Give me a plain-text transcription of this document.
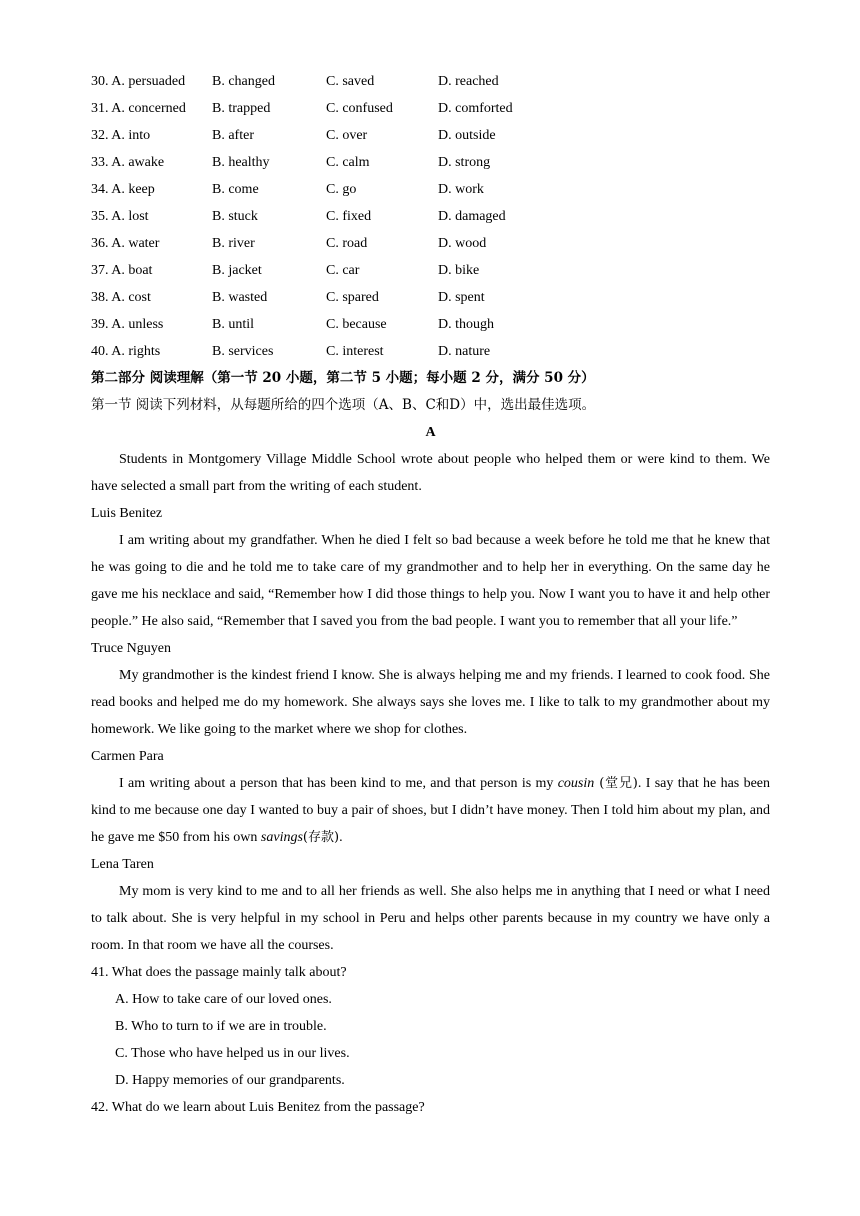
30. A. persuaded	B. changed	C. saved	D. reached
31. A. concerned	B. trapped	C. confused	D. comforted
32. A. into	B. after	C. over	D. outside
33. A. awake	B. healthy	C. calm	D. strong
34. A. keep	B. come	C. go	D. work
35. A. lost	B. stuck	C. fixed	D. damaged
36. A. water	B. river	C. road	D. wood
37. A. boat	B. jacket	C. car	D. bike
38. A. cost	B. wasted	C. spared	D. spent
39. A. unless	B. until	C. because	D. though
40. A. rights	B. services	C. interest	D. nature
第二部分 阅读理解（第一节 20 小题，第二节 5 小题；每小题 2 分，满分 50 分）
第一节 阅读下列材料，从每题所给的四个选项（A、B、C和D）中，选出最佳选项。
A

Students in Montgomery Village Middle School wrote about people who helped them or were kind to them. We have selected a small part from the writing of each student.

Luis Benitez

I am writing about my grandfather. When he died I felt so bad because a week before he told me that he knew that he was going to die and he told me to take care of my grandmother and to help her in everything. On the same day he gave me his necklace and said, “Remember how I did those things to help you. Now I want you to have it and help other people.” He also said, “Remember that I saved you from the bad people. I want you to remember that all your life.”

Truce Nguyen

My grandmother is the kindest friend I know. She is always helping me and my friends. I learned to cook food. She read books and helped me do my homework. She always says she loves me. I like to talk to my grandmother about my homework. We like going to the market where we shop for clothes.

Carmen Para

I am writing about a person that has been kind to me, and that person is my cousin (堂兄). I say that he has been kind to me because one day I wanted to buy a pair of shoes, but I didn’t have money. Then I told him about my plan, and he gave me $50 from his own savings(存款).

Lena Taren

My mom is very kind to me and to all her friends as well. She also helps me in anything that I need or what I need to talk about. She is very helpful in my school in Peru and helps other parents because in my country we have only a room. In that room we have all the courses.

41. What does the passage mainly talk about?
A. How to take care of our loved ones.
B. Who to turn to if we are in trouble.
C. Those who have helped us in our lives.
D. Happy memories of our grandparents.
42. What do we learn about Luis Benitez from the passage?
